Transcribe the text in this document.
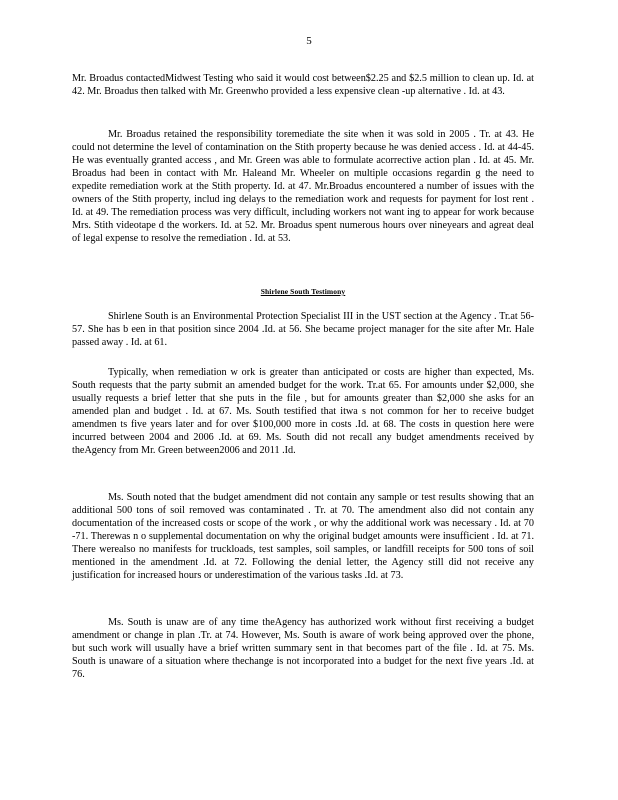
5

Mr. Broadus contactedMidwest Testing who said it would cost between$2.25 and $2.5 million to clean up. Id. at 42. Mr. Broadus then talked with Mr. Greenwho provided a less expensive clean -up alternative . Id. at 43.

Mr. Broadus retained the responsibility toremediate the site when it was sold in 2005 . Tr. at 43. He could not determine the level of contamination on the Stith property because he was denied access . Id. at 44-45. He was eventually granted access , and Mr. Green was able to formulate acorrective action plan . Id. at 45. Mr. Broadus had been in contact with Mr. Haleand Mr. Wheeler on multiple occasions regardin g the need to expedite remediation work at the Stith property. Id. at 47. Mr.Broadus encountered a number of issues with the owners of the Stith property, includ ing delays to the remediation work and requests for payment for lost rent . Id. at 49. The remediation process was very difficult, including workers not want ing to appear for work because Mrs. Stith videotape d the workers. Id. at 52. Mr. Broadus spent numerous hours over nineyears and agreat deal of legal expense to resolve the remediation . Id. at 53.

Shirlene South Testimony

Shirlene South is an Environmental Protection Specialist III in the UST section at the Agency . Tr.at 56-57. She has b een in that position since 2004 .Id. at 56. She became project manager for the site after Mr. Hale passed away . Id. at 61.

Typically, when remediation w ork is greater than anticipated or costs are higher than expected, Ms. South requests that the party submit an amended budget for the work. Tr.at 65. For amounts under $2,000, she usually requests a brief letter that she puts in the file , but for amounts greater than $2,000 she asks for an amended plan and budget . Id. at 67. Ms. South testified that itwa s not common for her to receive budget amendmen ts five years later and for over $100,000 more in costs .Id. at 68. The costs in question here were incurred between 2004 and 2006 .Id. at 69. Ms. South did not recall any budget amendments received by theAgency from Mr. Green between2006 and 2011 .Id.

Ms. South noted that the budget amendment did not contain any sample or test results showing that an additional 500 tons of soil removed was contaminated . Tr. at 70. The amendment also did not contain any documentation of the increased costs or scope of the work , or why the additional work was necessary . Id. at 70 -71. Therewas n o supplemental documentation on why the original budget amounts were insufficient . Id. at 71. There werealso no manifests for truckloads, test samples, soil samples, or landfill receipts for 500 tons of soil mentioned in the amendment .Id. at 72. Following the denial letter, the Agency still did not receive any justification for increased hours or underestimation of the various tasks .Id. at 73.

Ms. South is unaw are of any time theAgency has authorized work without first receiving a budget amendment or change in plan .Tr. at 74. However, Ms. South is aware of work being approved over the phone, but such work will usually have a brief written summary sent in that becomes part of the file . Id. at 75. Ms. South is unaware of a situation where thechange is not incorporated into a budget for the next five years .Id. at 76.
